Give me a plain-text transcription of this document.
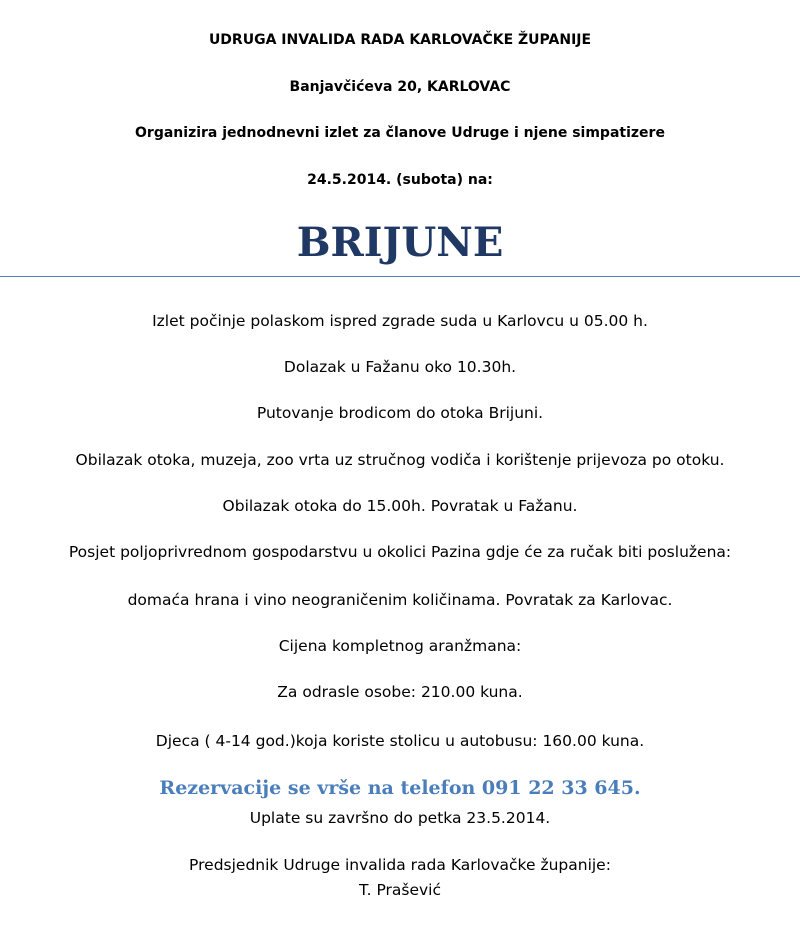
UDRUGA INVALIDA RADA KARLOVAČKE ŽUPANIJE
Banjavčićeva 20, KARLOVAC
Organizira jednodnevni izlet za članove Udruge i njene simpatizere
24.5.2014. (subota) na:
BRIJUNE
Izlet počinje polaskom ispred zgrade suda u Karlovcu u 05.00 h.
Dolazak u Fažanu oko 10.30h.
Putovanje brodicom do otoka Brijuni.
Obilazak otoka, muzeja, zoo vrta uz stručnog vodiča i korištenje prijevoza po otoku.
Obilazak otoka do 15.00h. Povratak u Fažanu.
Posjet poljoprivrednom gospodarstvu u okolici Pazina gdje će za ručak biti poslužena:
domaća hrana i vino neograničenim količinama. Povratak za Karlovac.
Cijena kompletnog aranžmana:
Za odrasle osobe: 210.00 kuna.
Djeca ( 4-14 god.)koja koriste stolicu u autobusu: 160.00 kuna.
Rezervacije se vrše na telefon 091 22 33 645.
Uplate su završno do petka 23.5.2014.
Predsjednik Udruge invalida rada Karlovačke županije:
T. Prašević
